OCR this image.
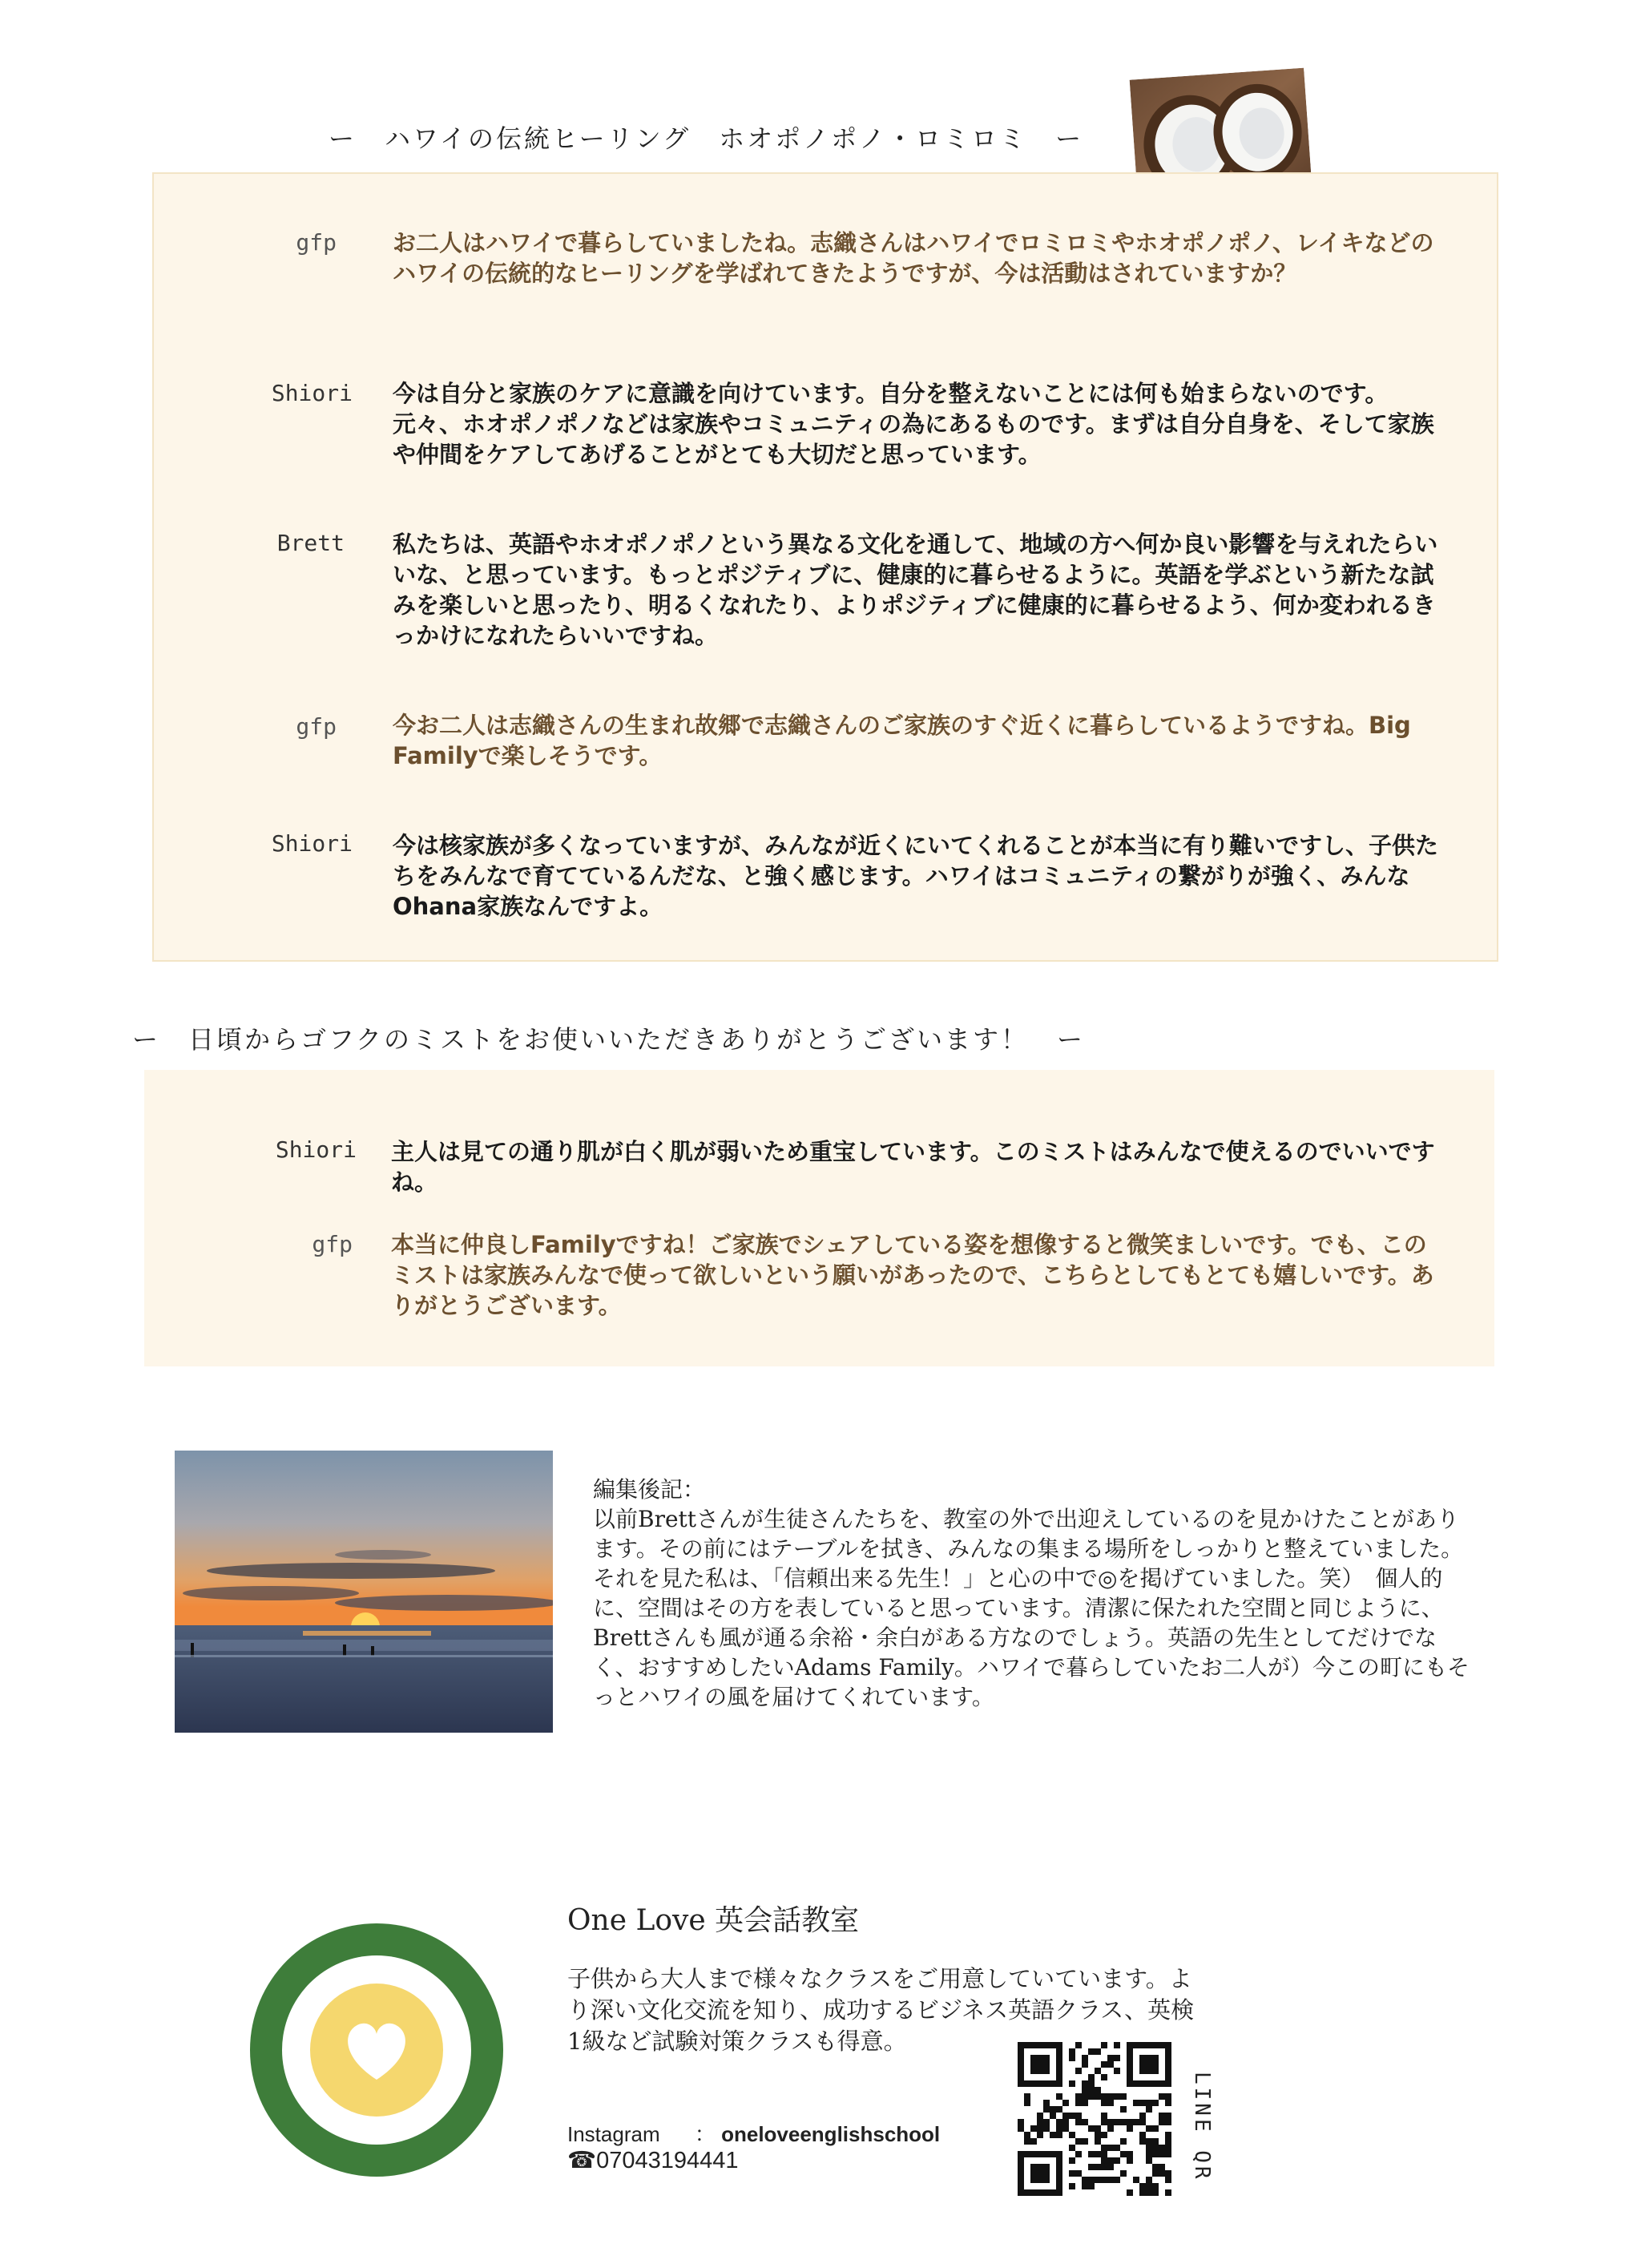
ー　ハワイの伝統ヒーリング　ホオポノポノ・ロミロミ　ー
gfp お二人はハワイで暮らしていましたね。志織さんはハワイでロミロミやホオポノポノ、レイキなどのハワイの伝統的なヒーリングを学ばれてきたようですが、今は活動はされていますか？
Shiori 今は自分と家族のケアに意識を向けています。自分を整えないことには何も始まらないのです。元々、ホオポノポノなどは家族やコミュニティの為にあるものです。まずは自分自身を、そして家族や仲間をケアしてあげることがとても大切だと思っています。
Brett 私たちは、英語やホオポノポノという異なる文化を通して、地域の方へ何か良い影響を与えれたらいいな、と思っています。もっとポジティブに、健康的に暮らせるように。英語を学ぶという新たな試みを楽しいと思ったり、明るくなれたり、よりポジティブに健康的に暮らせるよう、何か変われるきっかけになれたらいいですね。
gfp 今お二人は志織さんの生まれ故郷で志織さんのご家族のすぐ近くに暮らしているようですね。Big Familyで楽しそうです。
Shiori 今は核家族が多くなっていますが、みんなが近くにいてくれることが本当に有り難いですし、子供たちをみんなで育てているんだな、と強く感じます。ハワイはコミュニティの繋がりが強く、みんなOhana家族なんですよ。
ー　日頃からゴフクのミストをお使いいただきありがとうございます！　ー
Shiori 主人は見ての通り肌が白く肌が弱いため重宝しています。このミストはみんなで使えるのでいいですね。
gfp 本当に仲良しFamilyですね！ご家族でシェアしている姿を想像すると微笑ましいです。でも、このミストは家族みんなで使って欲しいという願いがあったので、こちらとしてもとても嬉しいです。ありがとうございます。
編集後記：
以前Brettさんが生徒さんたちを、教室の外で出迎えしているのを見かけたことがあります。その前にはテーブルを拭き、みんなの集まる場所をしっかりと整えていました。それを見た私は、「信頼出来る先生！」と心の中で◎を掲げていました。笑）　個人的に、空間はその方を表していると思っています。清潔に保たれた空間と同じように、Brettさんも風が通る余裕・余白がある方なのでしょう。英語の先生としてだけでなく、おすすめしたいAdams Family。ハワイで暮らしていたお二人が）今この町にもそっとハワイの風を届けてくれています。
One Love 英会話教室
子供から大人まで様々なクラスをご用意していています。より深い文化交流を知り、成功するビジネス英語クラス、英検1級など試験対策クラスも得意。
Instagram ： oneloveenglishschool
☎07043194441	LINE QR
